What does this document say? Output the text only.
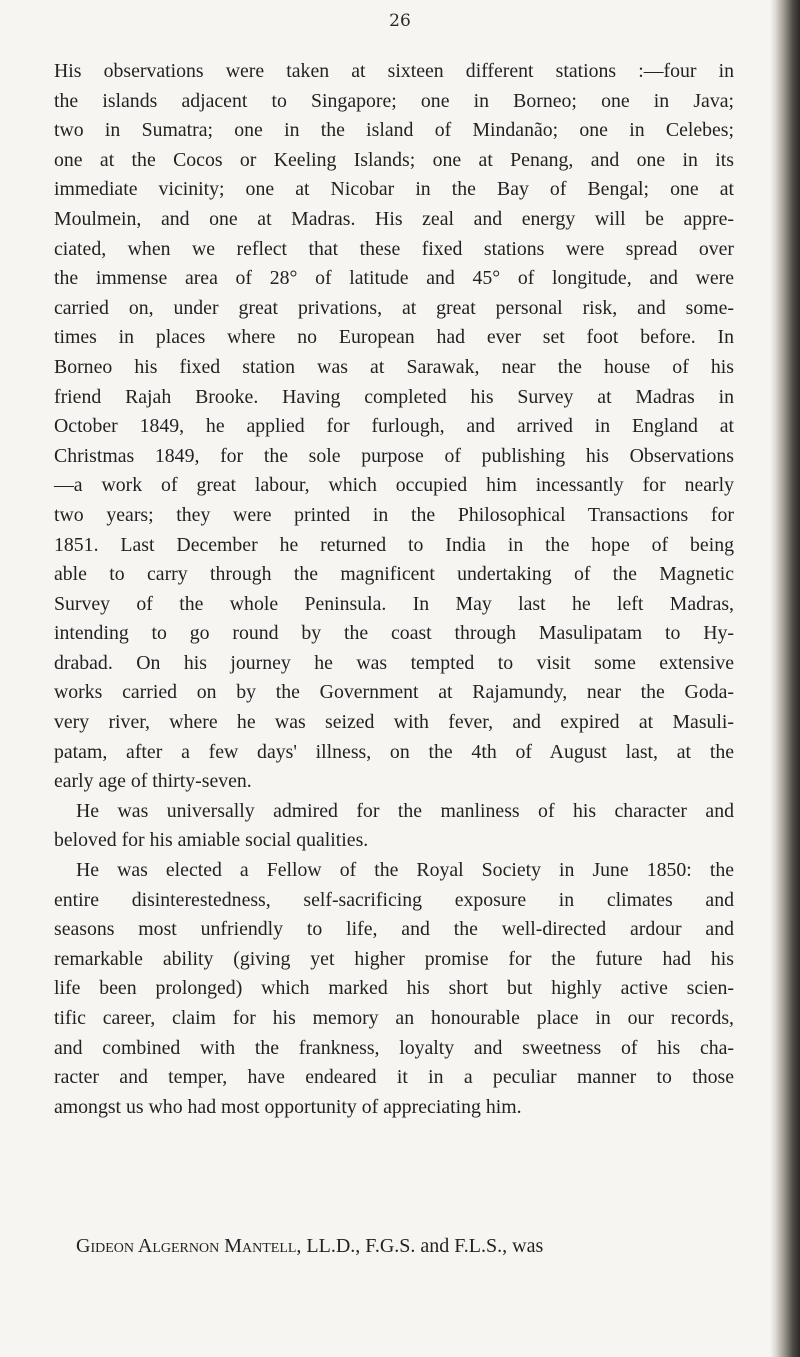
26
His observations were taken at sixteen different stations :—four in
the islands adjacent to Singapore; one in Borneo; one in Java;
two in Sumatra; one in the island of Mindanão; one in Celebes;
one at the Cocos or Keeling Islands; one at Penang, and one in its
immediate vicinity; one at Nicobar in the Bay of Bengal; one at
Moulmein, and one at Madras. His zeal and energy will be appre-
ciated, when we reflect that these fixed stations were spread over
the immense area of 28° of latitude and 45° of longitude, and were
carried on, under great privations, at great personal risk, and some-
times in places where no European had ever set foot before. In
Borneo his fixed station was at Sarawak, near the house of his
friend Rajah Brooke. Having completed his Survey at Madras in
October 1849, he applied for furlough, and arrived in England at
Christmas 1849, for the sole purpose of publishing his Observations
—a work of great labour, which occupied him incessantly for nearly
two years; they were printed in the Philosophical Transactions for
1851. Last December he returned to India in the hope of being
able to carry through the magnificent undertaking of the Magnetic
Survey of the whole Peninsula. In May last he left Madras,
intending to go round by the coast through Masulipatam to Hy-
drabad. On his journey he was tempted to visit some extensive
works carried on by the Government at Rajamundy, near the Goda-
very river, where he was seized with fever, and expired at Masuli-
patam, after a few days' illness, on the 4th of August last, at the
early age of thirty-seven.
He was universally admired for the manliness of his character and
beloved for his amiable social qualities.
He was elected a Fellow of the Royal Society in June 1850: the
entire disinterestedness, self-sacrificing exposure in climates and
seasons most unfriendly to life, and the well-directed ardour and
remarkable ability (giving yet higher promise for the future had his
life been prolonged) which marked his short but highly active scien-
tific career, claim for his memory an honourable place in our records,
and combined with the frankness, loyalty and sweetness of his cha-
racter and temper, have endeared it in a peculiar manner to those
amongst us who had most opportunity of appreciating him.
Gideon Algernon Mantell, LL.D., F.G.S. and F.L.S., was
